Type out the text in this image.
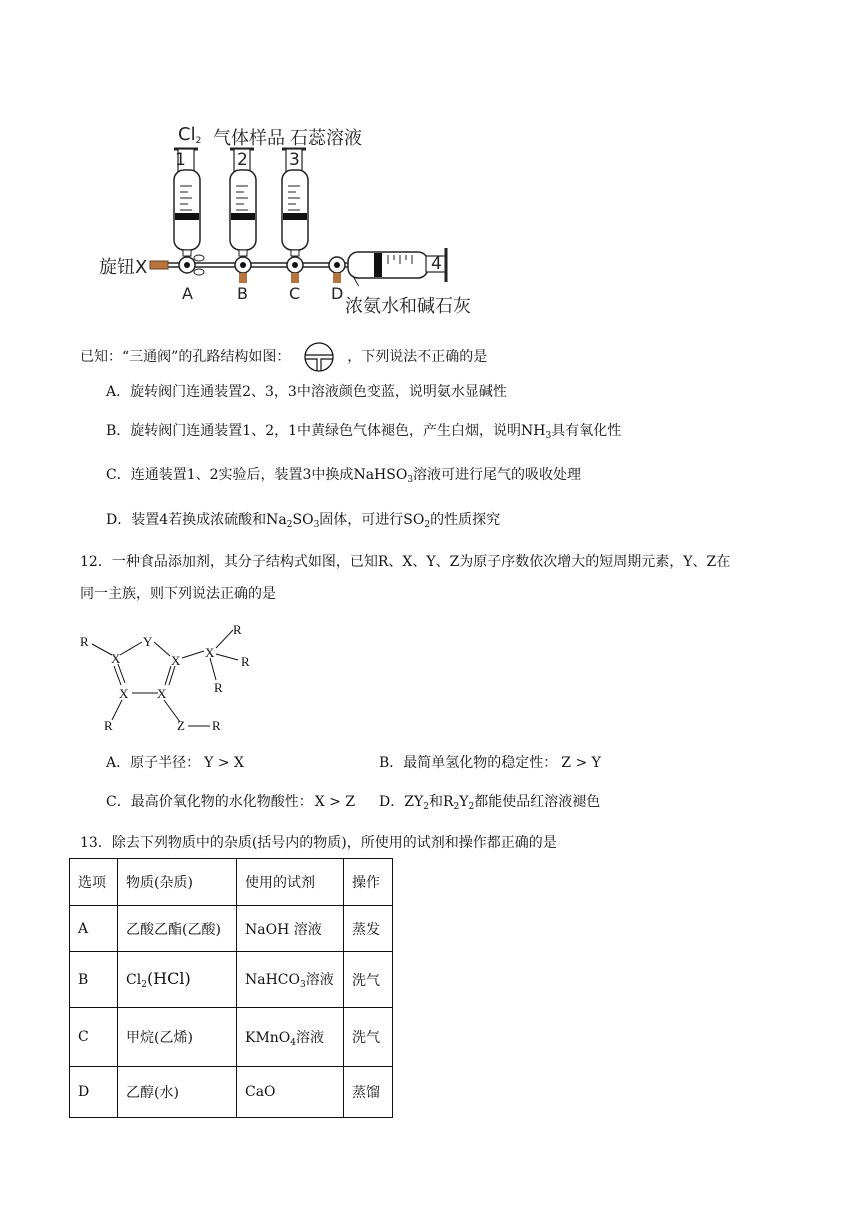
$Cl_2$ 气体样品 石蕊溶液
1	2 3
4
旋钮X
A	B	C D
浓氨水和碱石灰
已知：“三通阀”的孔路结构如图：	，下列说法不正确的是
A．旋转阀门连通装置2、3，3中溶液颜色变蓝，说明氨水显碱性
B．旋转阀门连通装置1、2，1中黄绿色气体褪色，产生白烟，说明$NH_3$具有氧化性
C．连通装置1、2实验后，装置3中换成NaHSO$_3$溶液可进行尾气的吸收处理
D．装置4若换成浓硫酸和$Na_2SO_3$固体，可进行$SO_2$的性质探究
12．一种食品添加剂，其分子结构式如图，已知R、X、Y、Z为原子序数依次增大的短周期元素，Y、Z在
同一主族，则下列说法正确的是
R
X
Y
X
X
R
R
R
X X
R	Z R
A．原子半径： Y > X	B．最简单氢化物的稳定性： Z > Y
C．最高价氧化物的水化物酸性： X > Z D．$ZY_2$和$R_2Y_2$都能使品红溶液褪色
13．除去下列物质中的杂质(括号内的物质)，所使用的试剂和操作都正确的是
选项	物质(杂质)	使用的试剂	操作
A	乙酸乙酯(乙酸)	NaOH 溶液	蒸发
B	$Cl_2(HCl)$	NaHCO$_3$溶液	洗气
C	甲烷(乙烯)	KMnO$_4$溶液	洗气
D	乙醇(水)	CaO	蒸馏
